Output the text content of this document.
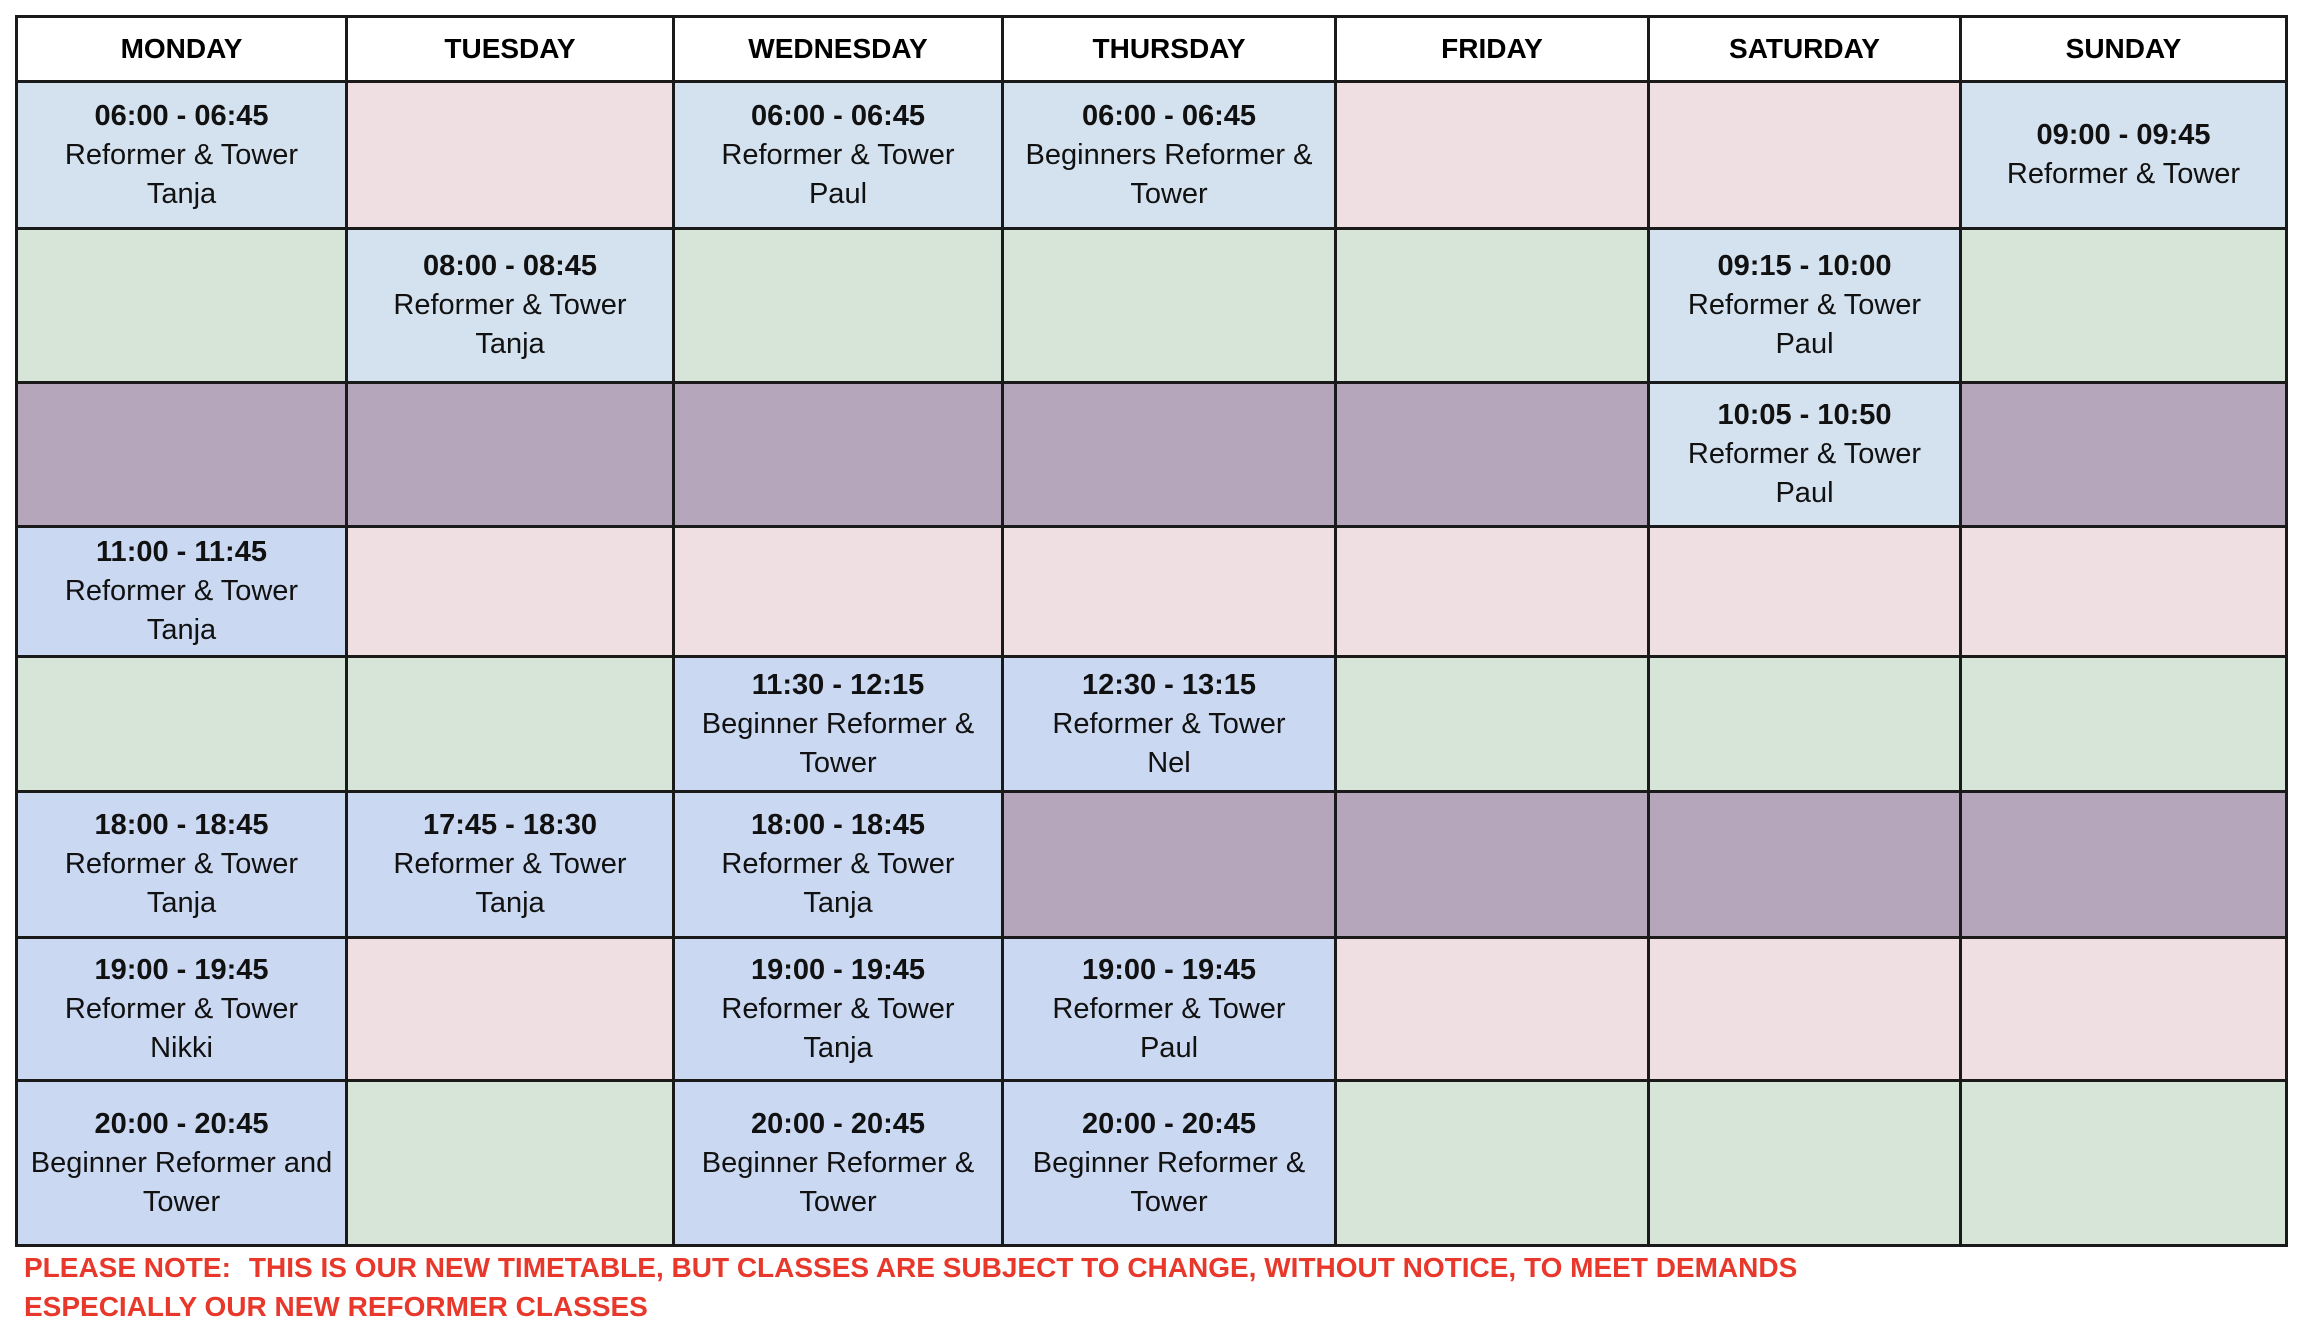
MONDAY	TUESDAY	WEDNESDAY	THURSDAY	FRIDAY	SATURDAY	SUNDAY

06:00 - 06:45
Reformer & Tower
Tanja		06:00 - 06:45
Reformer & Tower
Paul	06:00 - 06:45
Beginners Reformer &
Tower			09:00 - 09:45
Reformer & Tower

	08:00 - 08:45
Reformer & Tower
Tanja				09:15 - 10:00
Reformer & Tower
Paul	

					10:05 - 10:50
Reformer & Tower
Paul	

11:00 - 11:45
Reformer & Tower
Tanja						

		11:30 - 12:15
Beginner Reformer &
Tower	12:30 - 13:15
Reformer & Tower
Nel			

18:00 - 18:45
Reformer & Tower
Tanja	17:45 - 18:30
Reformer & Tower
Tanja	18:00 - 18:45
Reformer & Tower
Tanja				

19:00 - 19:45
Reformer & Tower
Nikki		19:00 - 19:45
Reformer & Tower
Tanja	19:00 - 19:45
Reformer & Tower
Paul			

20:00 - 20:45
Beginner Reformer and
Tower		20:00 - 20:45
Beginner Reformer &
Tower	20:00 - 20:45
Beginner Reformer &
Tower			

PLEASE NOTE: THIS IS OUR NEW TIMETABLE, BUT CLASSES ARE SUBJECT TO CHANGE, WITHOUT NOTICE, TO MEET DEMANDS ESPECIALLY OUR NEW REFORMER CLASSES
